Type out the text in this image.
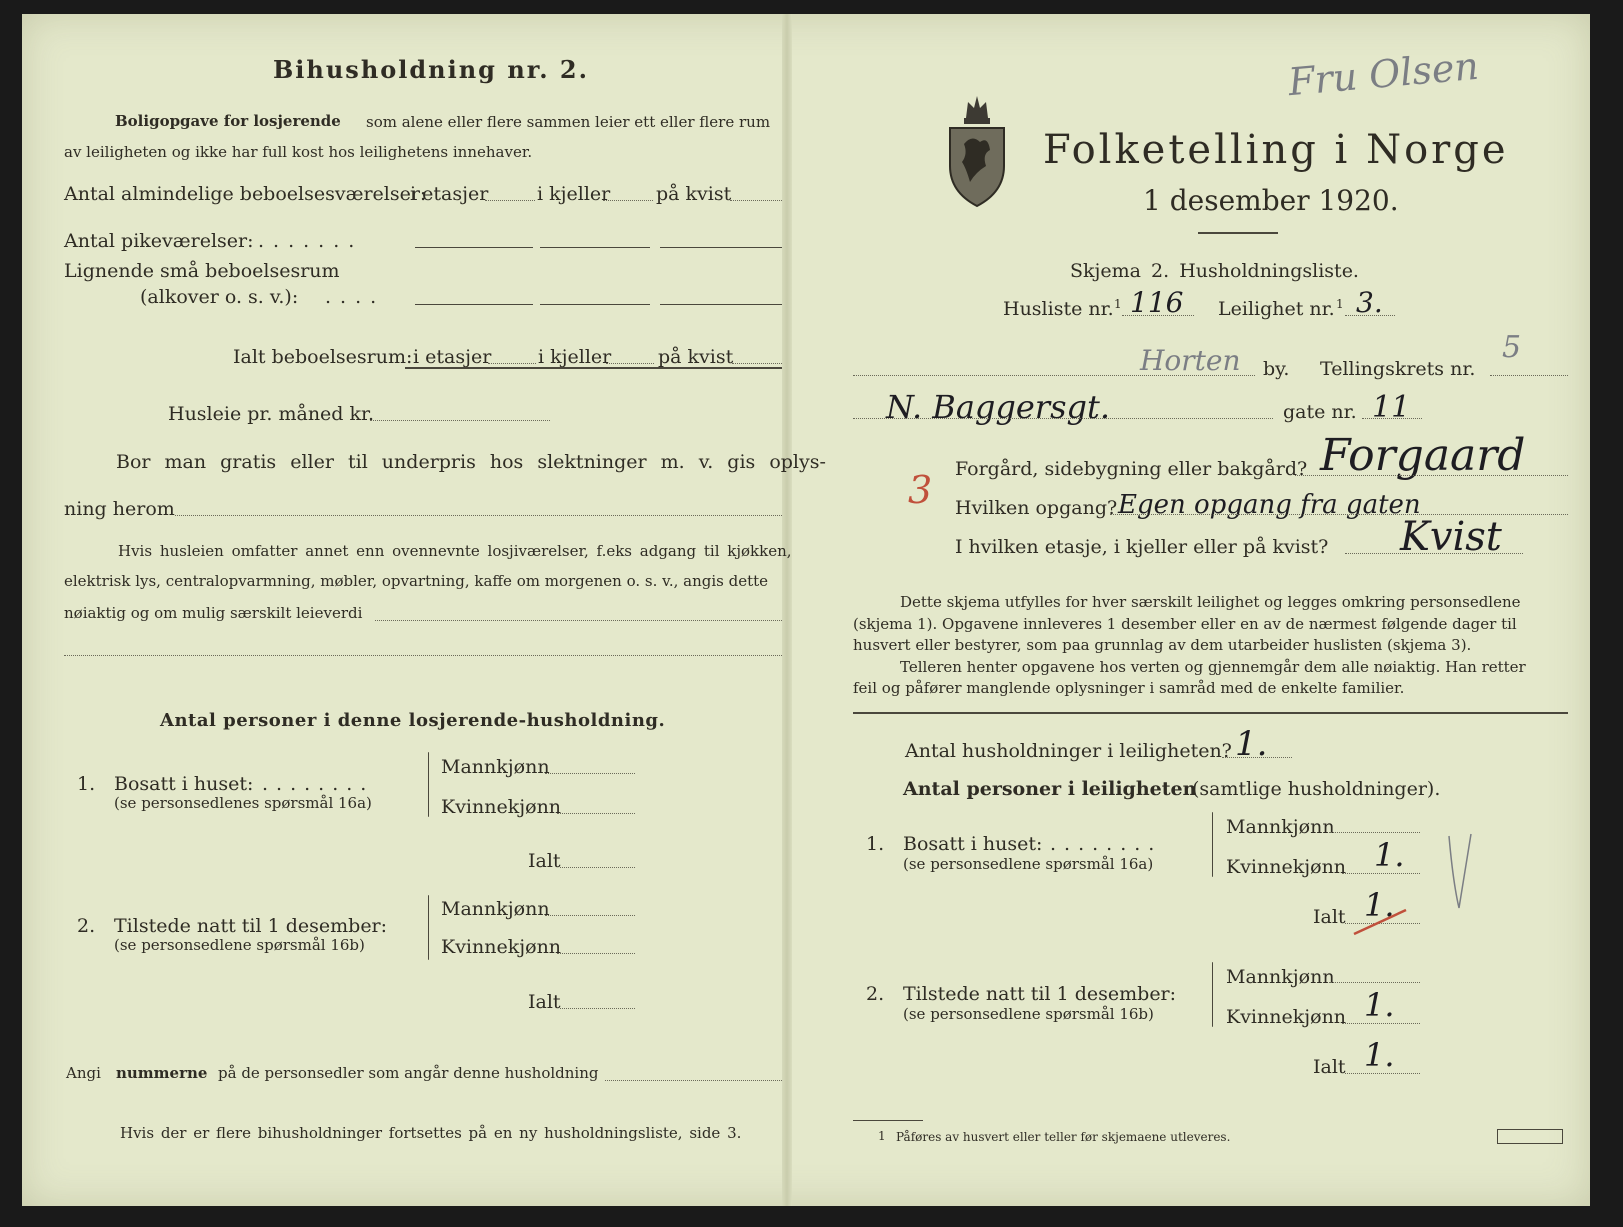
Bihusholdning nr. 2.
Boligopgave for losjerende som alene eller flere sammen leier ett eller flere rum
av leiligheten og ikke har full kost hos leilighetens innehaver.
Antal almindelige beboelsesværelser:
i etasjer	i kjeller på kvist
Antal pikeværelser: .......
Lignende små beboelsesrum
(alkover o. s. v.): ....
Ialt beboelsesrum: i etasjer i kjeller på kvist
Husleie pr. måned kr.
Bor man gratis eller til underpris hos slektninger m. v. gis oplys-
ning herom
Hvis husleien omfatter annet enn ovennevnte losjiværelser, f.eks adgang til kjøkken,
elektrisk lys, centralopvarmning, møbler, opvartning, kaffe om morgenen o. s. v., angis dette
nøiaktig og om mulig særskilt leieverdi
Antal personer i denne losjerende-husholdning.
1. Bosatt i huset: ........
(se personsedlenes spørsmål 16a)
Mannkjønn
Kvinnekjønn
Ialt
2. Tilstede natt til 1 desember:
(se personsedlene spørsmål 16b)
Mannkjønn
Kvinnekjønn
Ialt
Angi nummerne på de personsedler som angår denne husholdning
Hvis der er flere bihusholdninger fortsettes på en ny husholdningsliste, side 3.
Folketelling i Norge
1 desember 1920.
Skjema 2. Husholdningsliste.
Husliste nr. 1 116 Leilighet nr. 1 3.
Horten by. Tellingskrets nr.
5
N. Baggersgt.	gate nr. 11
Forgård, sidebygning eller bakgård? Forgaard
3 Hvilken opgang? Egen opgang fra gaten
I hvilken etasje, i kjeller eller på kvist? Kvist
Fru Olsen
Dette skjema utfylles for hver særskilt leilighet og legges omkring personsedlene
(skjema 1). Opgavene innleveres 1 desember eller en av de nærmest følgende dager til
husvert eller bestyrer, som paa grunnlag av dem utarbeider huslisten (skjema 3).
Telleren henter opgavene hos verten og gjennemgår dem alle nøiaktig. Han retter
feil og påfører manglende oplysninger i samråd med de enkelte familier.
Antal husholdninger i leiligheten? 1.
Antal personer i leiligheten
(samtlige husholdninger).
1. Bosatt i huset: ........
(se personsedlene spørsmål 16a)
Mannkjønn
Kvinnekjønn 1.
Ialt 1.
2. Tilstede natt til 1 desember:
(se personsedlene spørsmål 16b)
Mannkjønn
Kvinnekjønn 1.
Ialt 1.
1 Påføres av husvert eller teller før skjemaene utleveres.
